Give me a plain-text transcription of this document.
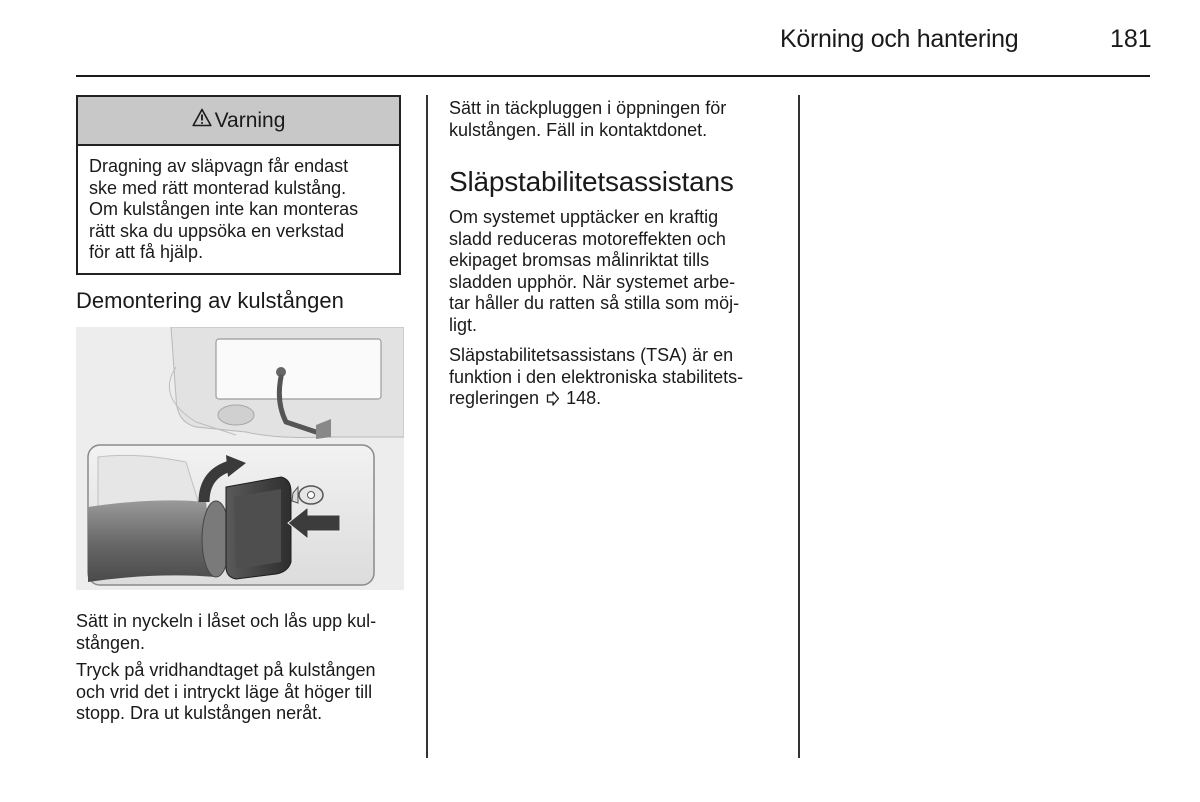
Körning och hantering	181
Varning
Dragning av släpvagn får endast
ske med rätt monterad kulstång.
Om kulstången inte kan monteras
rätt ska du uppsöka en verkstad
för att få hjälp.
Demontering av kulstången
Sätt in nyckeln i låset och lås upp kul-
stången.
Tryck på vridhandtaget på kulstången
och vrid det i intryckt läge åt höger till
stopp. Dra ut kulstången neråt.
Sätt in täckpluggen i öppningen för
kulstången. Fäll in kontaktdonet.
Släpstabilitetsassistans
Om systemet upptäcker en kraftig
sladd reduceras motoreffekten och
ekipaget bromsas målinriktat tills
sladden upphör. När systemet arbe-
tar håller du ratten så stilla som möj-
ligt.
Släpstabilitetsassistans (TSA) är en
funktion i den elektroniska stabilitets-
regleringen 148.
